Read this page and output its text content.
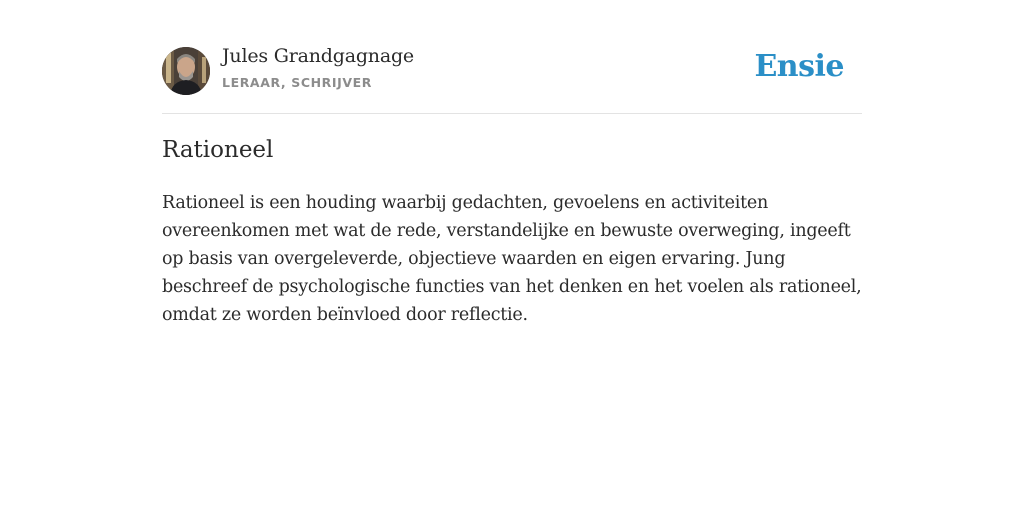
Jules Grandgagnage
LERAAR, SCHRIJVER	Ensie
Rationeel

Rationeel is een houding waarbij gedachten, gevoelens en activiteiten overeenkomen met wat de rede, verstandelijke en bewuste overweging, ingeeft op basis van overgeleverde, objectieve waarden en eigen ervaring. Jung beschreef de psychologische functies van het denken en het voelen als rationeel, omdat ze worden beïnvloed door reflectie.
